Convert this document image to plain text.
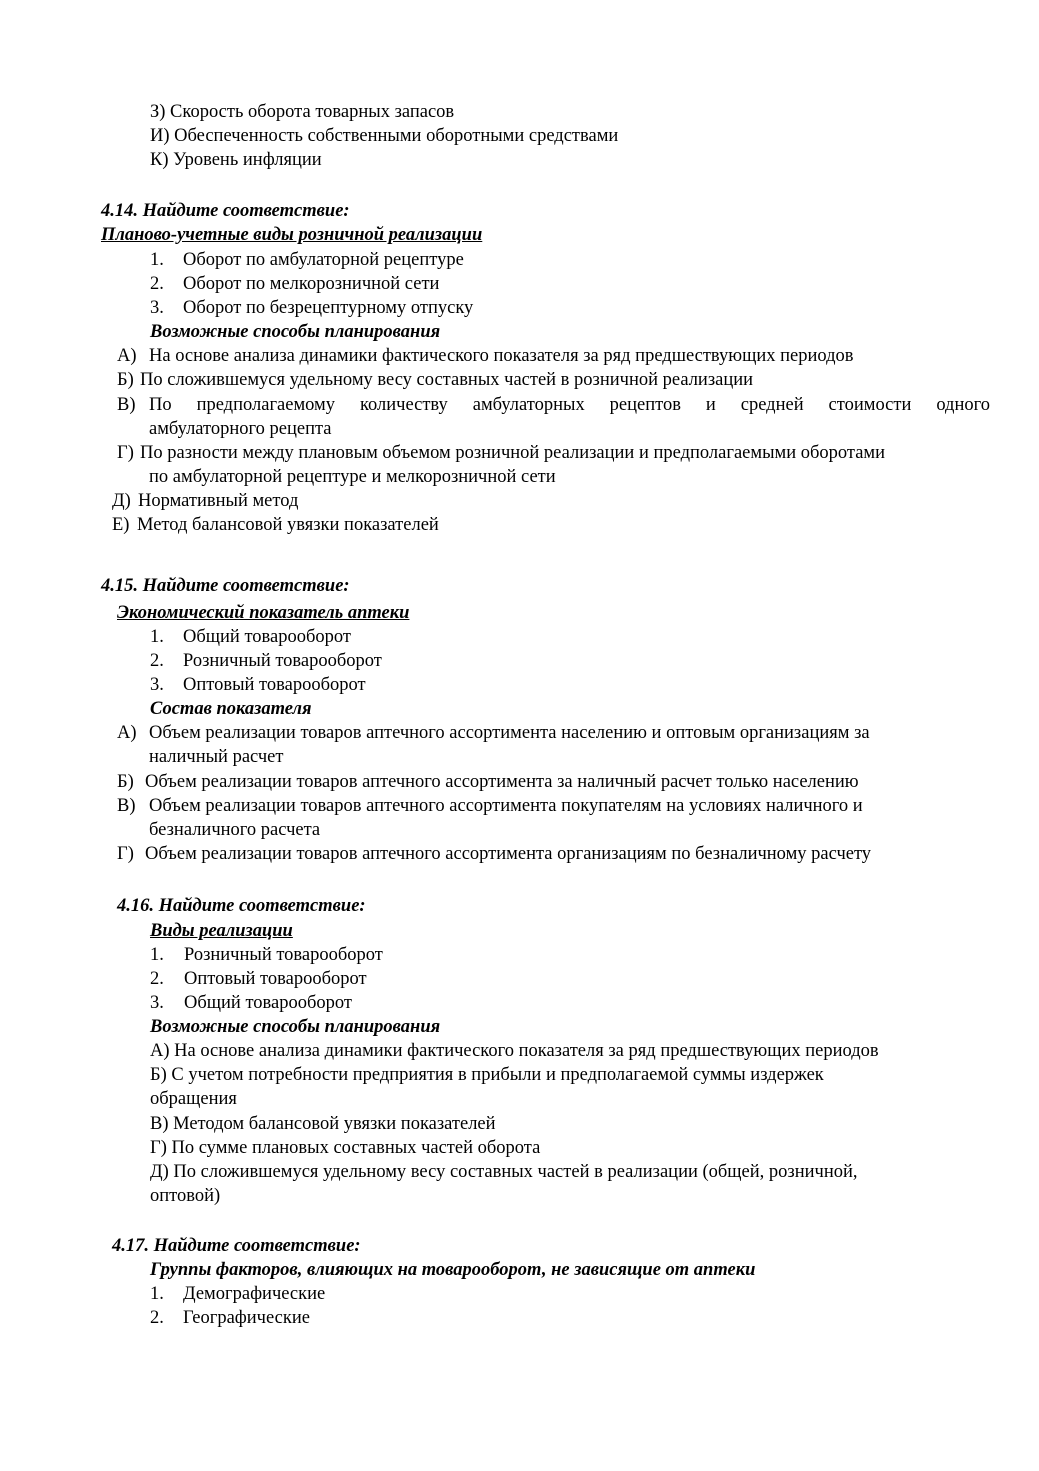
З) Скорость оборота товарных запасов

И) Обеспеченность собственными оборотными средствами

К) Уровень инфляции

4.14. Найдите соответствие:

Планово-учетные виды розничной реализации

1. Оборот по амбулаторной рецептуре

2. Оборот по мелкорозничной сети

3. Оборот по безрецептурному отпуску

Возможные способы планирования

А) На основе анализа динамики фактического показателя за ряд предшествующих периодов

Б) По сложившемуся удельному весу составных частей в розничной реализации

В) По предполагаемому количеству амбулаторных рецептов и средней стоимости одного

амбулаторного рецепта

Г) По разности между плановым объемом розничной реализации и предполагаемыми оборотами

по амбулаторной рецептуре и мелкорозничной сети

Д) Нормативный метод

Е) Метод балансовой увязки показателей

4.15. Найдите соответствие:

Экономический показатель аптеки

1. Общий товарооборот

2. Розничный товарооборот

3. Оптовый товарооборот

Состав показателя

А) Объем реализации товаров аптечного ассортимента населению и оптовым организациям за

наличный расчет

Б) Объем реализации товаров аптечного ассортимента за наличный расчет только населению

В) Объем реализации товаров аптечного ассортимента покупателям на условиях наличного и

безналичного расчета

Г) Объем реализации товаров аптечного ассортимента организациям по безналичному расчету

4.16. Найдите соответствие:

Виды реализации

1. Розничный товарооборот

2. Оптовый товарооборот

3. Общий товарооборот

Возможные способы планирования

А) На основе анализа динамики фактического показателя за ряд предшествующих периодов

Б) С учетом потребности предприятия в прибыли и предполагаемой суммы издержек

обращения

В) Методом балансовой увязки показателей

Г) По сумме плановых составных частей оборота

Д) По сложившемуся удельному весу составных частей в реализации (общей, розничной,

оптовой)

4.17. Найдите соответствие:

Группы факторов, влияющих на товарооборот, не зависящие от аптеки

1. Демографические

2. Географические
